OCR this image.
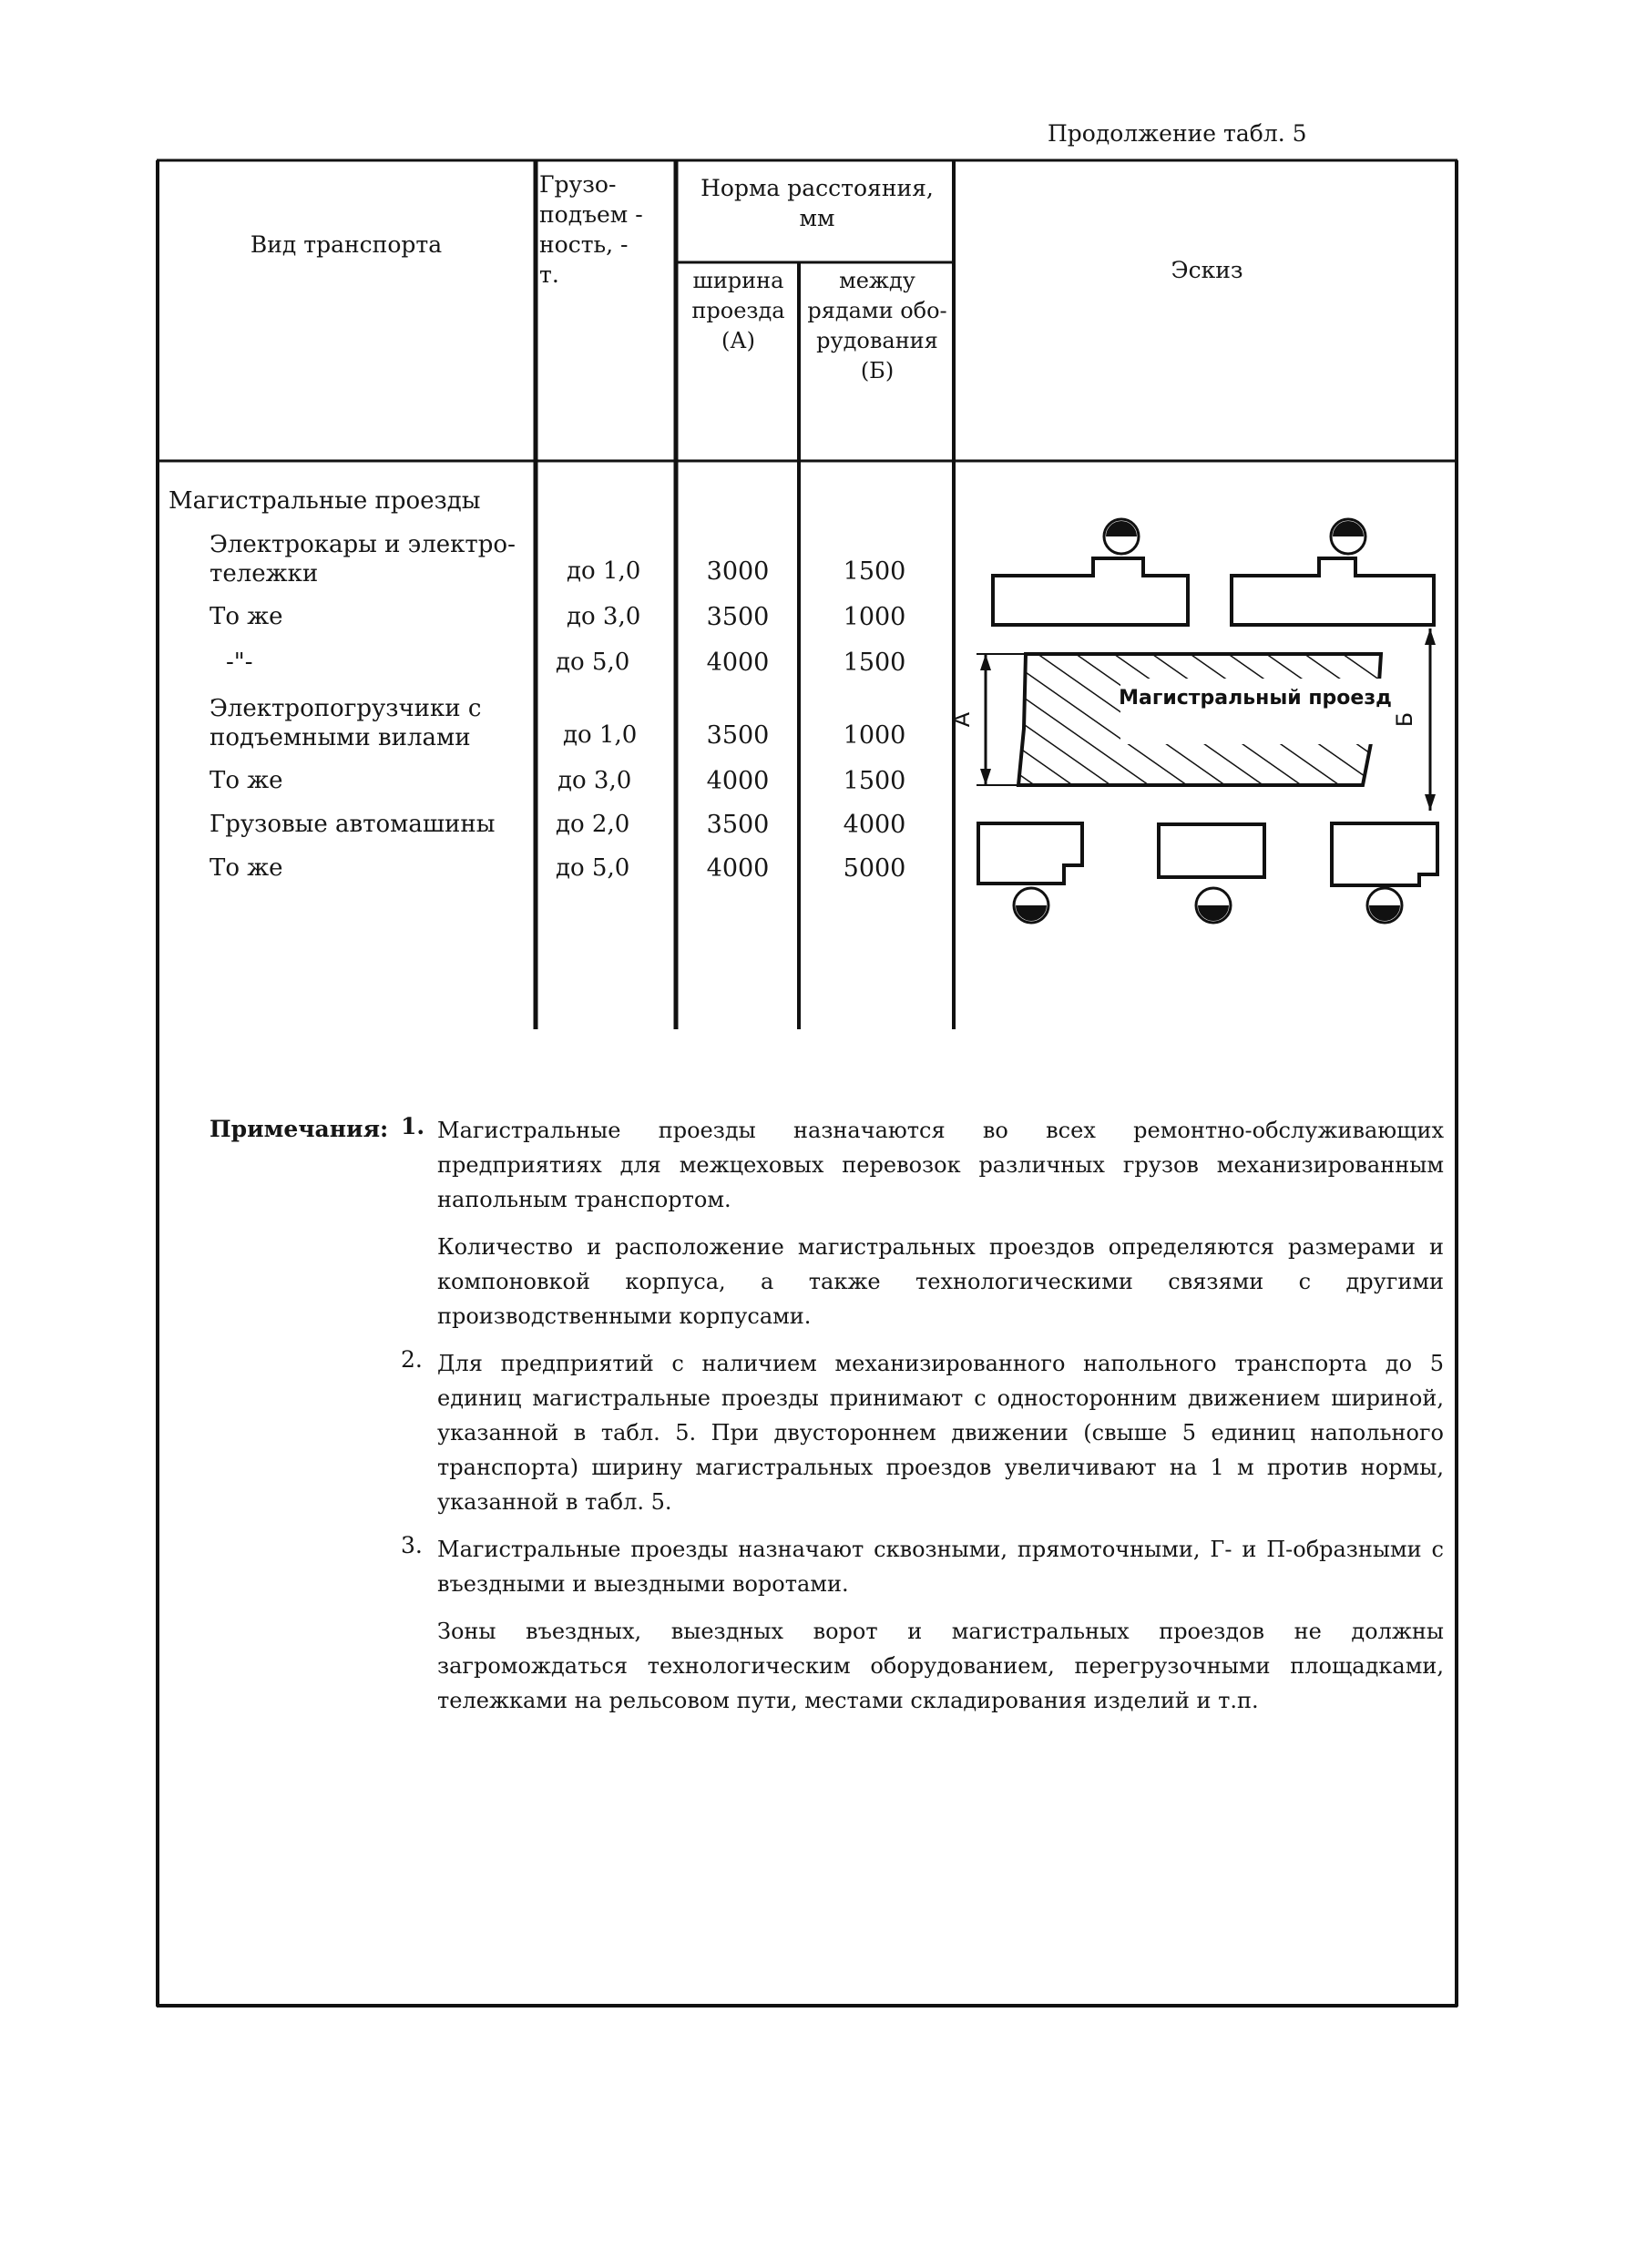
Продолжение табл. 5
Вид транспорта
Грузо- подъем - ность, - т.
Норма расстояния, мм
ширина проезда (А)
между рядами обо- рудования (Б)
Эскиз
Магистральные проезды
Электрокары и электро- тележки	до 1,0	3000	1500
То же	до 3,0	3500	1000
-"-	до 5,0	4000	1500
Электропогрузчики с подъемными вилами	до 1,0	3500	1000
То же	до 3,0	4000	1500
Грузовые автомашины	до 2,0	3500	4000
То же	до 5,0	4000	5000
Магистральный проезд
А	Б
Примечания: 1. Магистральные проезды назначаются во всех ремонтно-обслуживающих предприятиях для межцеховых перевозок различных грузов механизированным напольным транспортом.

Количество и расположение магистральных проездов определяются размерами и компоновкой корпуса, а также технологическими связями с другими производственными корпусами.

2. Для предприятий с наличием механизированного напольного транспорта до 5 единиц магистральные проезды принимают с односторонним движением шириной, указанной в табл. 5. При двустороннем движении (свыше 5 единиц напольного транспорта) ширину магистральных проездов увеличивают на 1 м против нормы, указанной в табл. 5.

3. Магистральные проезды назначают сквозными, прямоточными, Г- и П-образными с въездными и выездными воротами.

Зоны въездных, выездных ворот и магистральных проездов не должны загромождаться технологическим оборудованием, перегрузочными площадками, тележками на рельсовом пути, местами складирования изделий и т.п.
